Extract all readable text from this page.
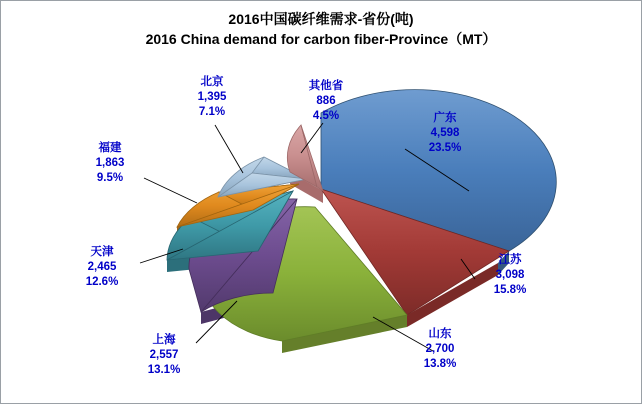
2016中国碳纤维需求-省份(吨)
2016 China demand for carbon fiber-Province（MT）
广东
4,598
23.5%
江苏
3,098
15.8%
山东
2,700
13.8%
上海
2,557
13.1%
天津
2,465
12.6%
福建
1,863
9.5%
北京
1,395
7.1%
其他省
886
4.5%
